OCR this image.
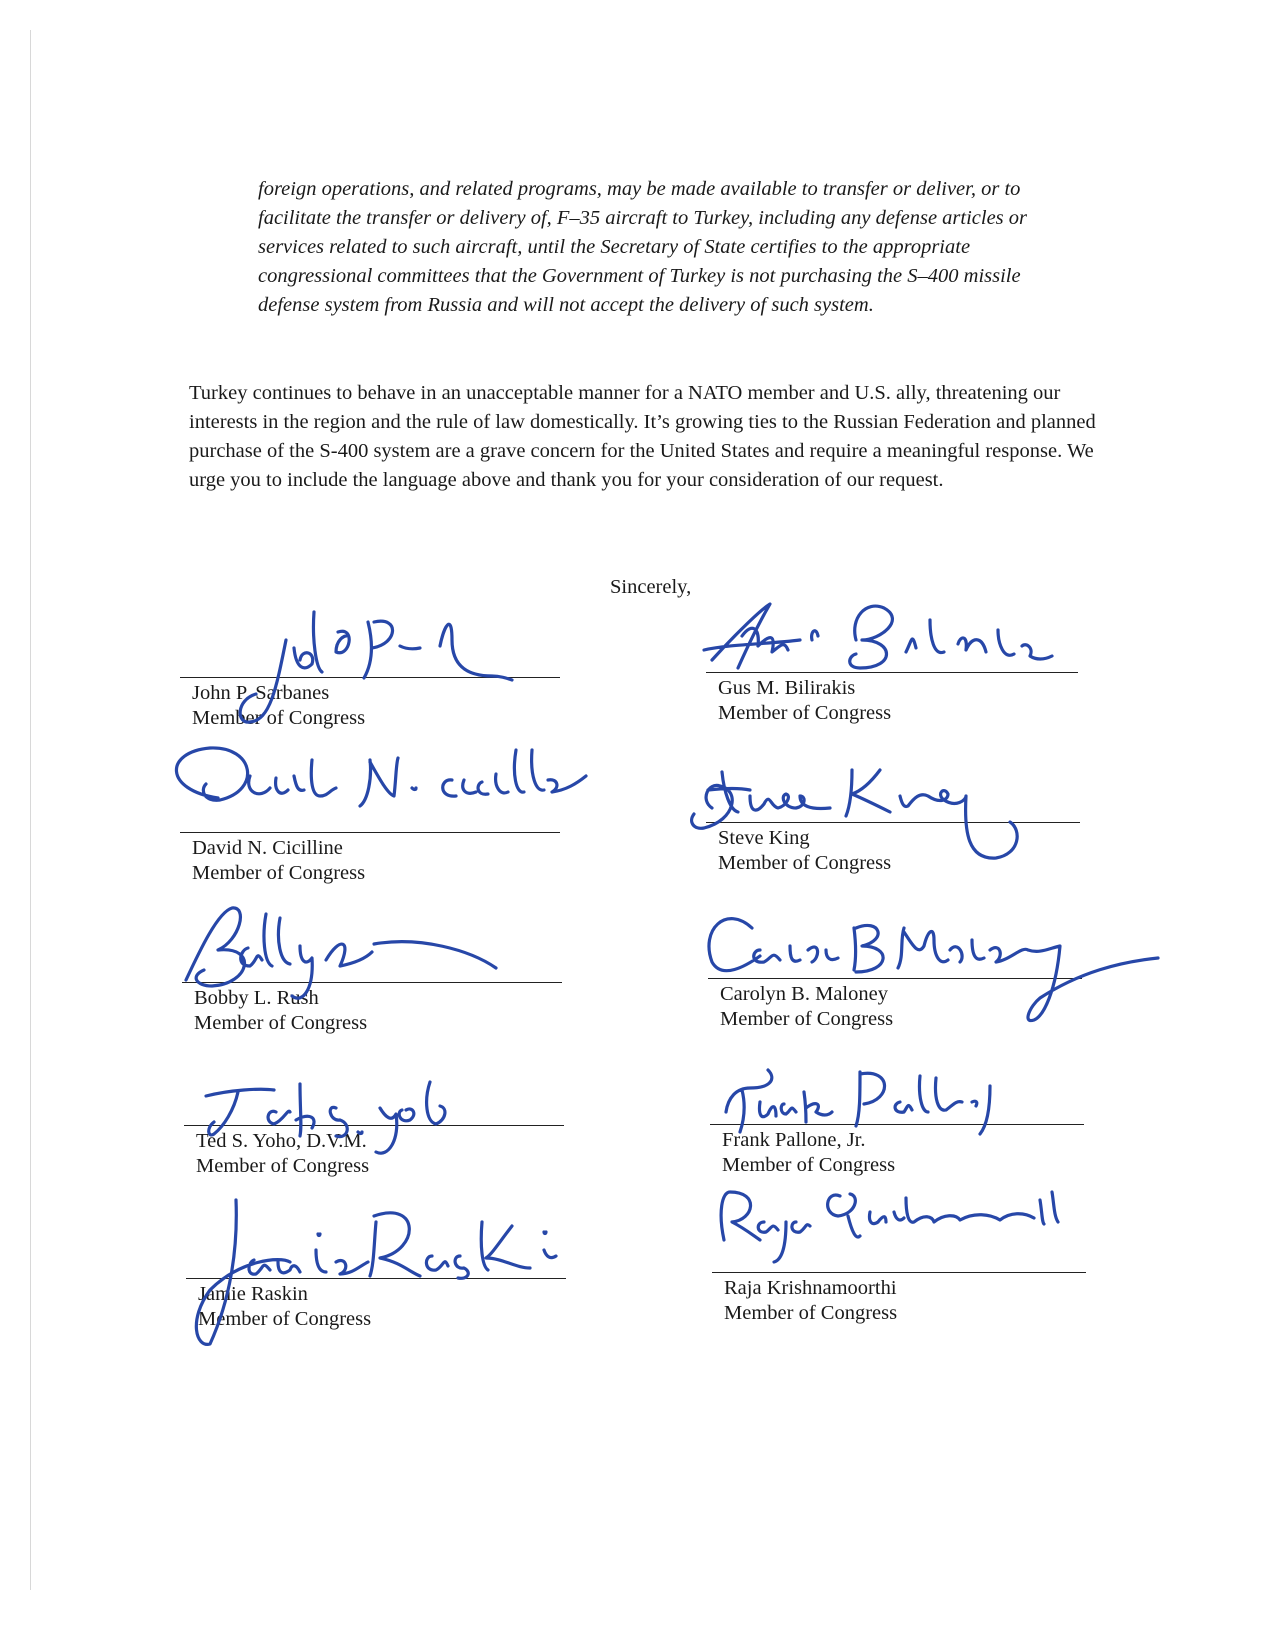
foreign operations, and related programs, may be made available to transfer or deliver, or to facilitate the transfer or delivery of, F–35 aircraft to Turkey, including any defense articles or services related to such aircraft, until the Secretary of State certifies to the appropriate congressional committees that the Government of Turkey is not purchasing the S–400 missile defense system from Russia and will not accept the delivery of such system.
Turkey continues to behave in an unacceptable manner for a NATO member and U.S. ally, threatening our interests in the region and the rule of law domestically. It’s growing ties to the Russian Federation and planned purchase of the S-400 system are a grave concern for the United States and require a meaningful response. We urge you to include the language above and thank you for your consideration of our request.
Sincerely,
John P. Sarbanes
Member of Congress
David N. Cicilline
Member of Congress
Bobby L. Rush
Member of Congress
Ted S. Yoho, D.V.M.
Member of Congress
Jamie Raskin
Member of Congress
Gus M. Bilirakis
Member of Congress
Steve King
Member of Congress
Carolyn B. Maloney
Member of Congress
Frank Pallone, Jr.
Member of Congress
Raja Krishnamoorthi
Member of Congress
